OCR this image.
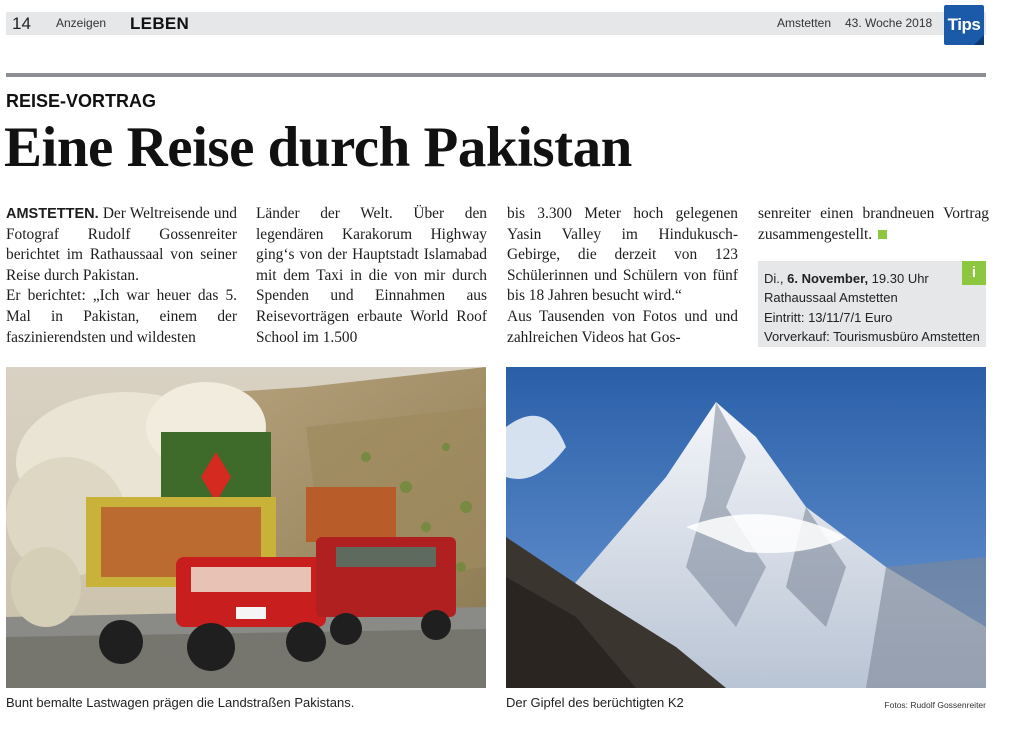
14 Anzeigen LEBEN	Amstetten 43. Woche 2018 Tips
REISE-VORTRAG
Eine Reise durch Pakistan

AMSTETTEN. Der Weltreisende und Fotograf Rudolf Gossenreiter berichtet im Rathaussaal von seiner Reise durch Pakistan.

Er berichtet: „Ich war heuer das 5. Mal in Pakistan, einem der faszinierendsten und wildesten

Länder der Welt. Über den legendären Karakorum Highway ging‘s von der Hauptstadt Islamabad mit dem Taxi in die von mir durch Spenden und Einnahmen aus Reisevorträgen erbaute World Roof School im 1.500

bis 3.300 Meter hoch gelegenen Yasin Valley im Hindukusch-Gebirge, die derzeit von 123 Schülerinnen und Schülern von fünf bis 18 Jahren besucht wird.“

Aus Tausenden von Fotos und und zahlreichen Videos hat Gos-

senreiter einen brandneuen Vortrag zusammengestellt.

i
Di., 6. November, 19.30 Uhr
Rathaussaal Amstetten
Eintritt: 13/11/7/1 Euro
Vorverkauf: Tourismusbüro Amstetten
Bunt bemalte Lastwagen prägen die Landstraßen Pakistans.	Der Gipfel des berüchtigten K2	Fotos: Rudolf Gossenreiter
